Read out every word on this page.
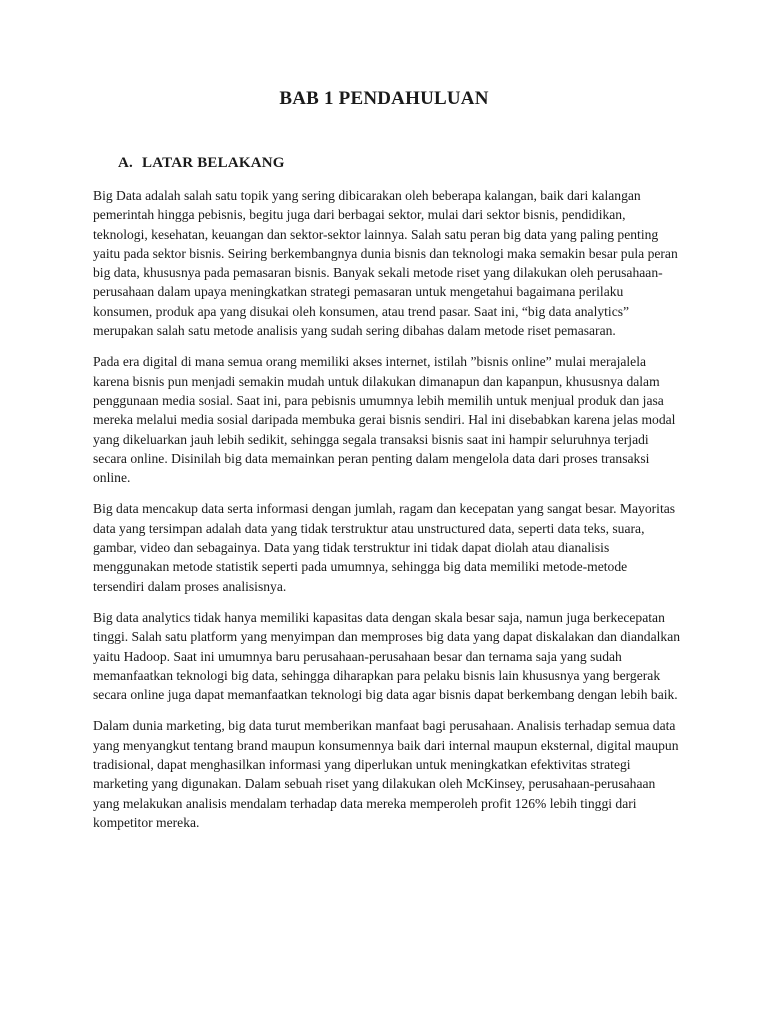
BAB 1 PENDAHULUAN
A. LATAR BELAKANG

Big Data adalah salah satu topik yang sering dibicarakan oleh beberapa kalangan, baik dari kalangan pemerintah hingga pebisnis, begitu juga dari berbagai sektor, mulai dari sektor bisnis, pendidikan, teknologi, kesehatan, keuangan dan sektor-sektor lainnya. Salah satu peran big data yang paling penting yaitu pada sektor bisnis. Seiring berkembangnya dunia bisnis dan teknologi maka semakin besar pula peran big data, khususnya pada pemasaran bisnis. Banyak sekali metode riset yang dilakukan oleh perusahaan-perusahaan dalam upaya meningkatkan strategi pemasaran untuk mengetahui bagaimana perilaku konsumen, produk apa yang disukai oleh konsumen, atau trend pasar. Saat ini, “big data analytics” merupakan salah satu metode analisis yang sudah sering dibahas dalam metode riset pemasaran.

Pada era digital di mana semua orang memiliki akses internet, istilah ”bisnis online” mulai merajalela karena bisnis pun menjadi semakin mudah untuk dilakukan dimanapun dan kapanpun, khususnya dalam penggunaan media sosial. Saat ini, para pebisnis umumnya lebih memilih untuk menjual produk dan jasa mereka melalui media sosial daripada membuka gerai bisnis sendiri. Hal ini disebabkan karena jelas modal yang dikeluarkan jauh lebih sedikit, sehingga segala transaksi bisnis saat ini hampir seluruhnya terjadi secara online. Disinilah big data memainkan peran penting dalam mengelola data dari proses transaksi online.

Big data mencakup data serta informasi dengan jumlah, ragam dan kecepatan yang sangat besar. Mayoritas data yang tersimpan adalah data yang tidak terstruktur atau unstructured data, seperti data teks, suara, gambar, video dan sebagainya. Data yang tidak terstruktur ini tidak dapat diolah atau dianalisis menggunakan metode statistik seperti pada umumnya, sehingga big data memiliki metode-metode tersendiri dalam proses analisisnya.

Big data analytics tidak hanya memiliki kapasitas data dengan skala besar saja, namun juga berkecepatan tinggi. Salah satu platform yang menyimpan dan memproses big data yang dapat diskalakan dan diandalkan yaitu Hadoop. Saat ini umumnya baru perusahaan-perusahaan besar dan ternama saja yang sudah memanfaatkan teknologi big data, sehingga diharapkan para pelaku bisnis lain khususnya yang bergerak secara online juga dapat memanfaatkan teknologi big data agar bisnis dapat berkembang dengan lebih baik.

Dalam dunia marketing, big data turut memberikan manfaat bagi perusahaan. Analisis terhadap semua data yang menyangkut tentang brand maupun konsumennya baik dari internal maupun eksternal, digital maupun tradisional, dapat menghasilkan informasi yang diperlukan untuk meningkatkan efektivitas strategi marketing yang digunakan. Dalam sebuah riset yang dilakukan oleh McKinsey, perusahaan-perusahaan yang melakukan analisis mendalam terhadap data mereka memperoleh profit 126% lebih tinggi dari kompetitor mereka.
